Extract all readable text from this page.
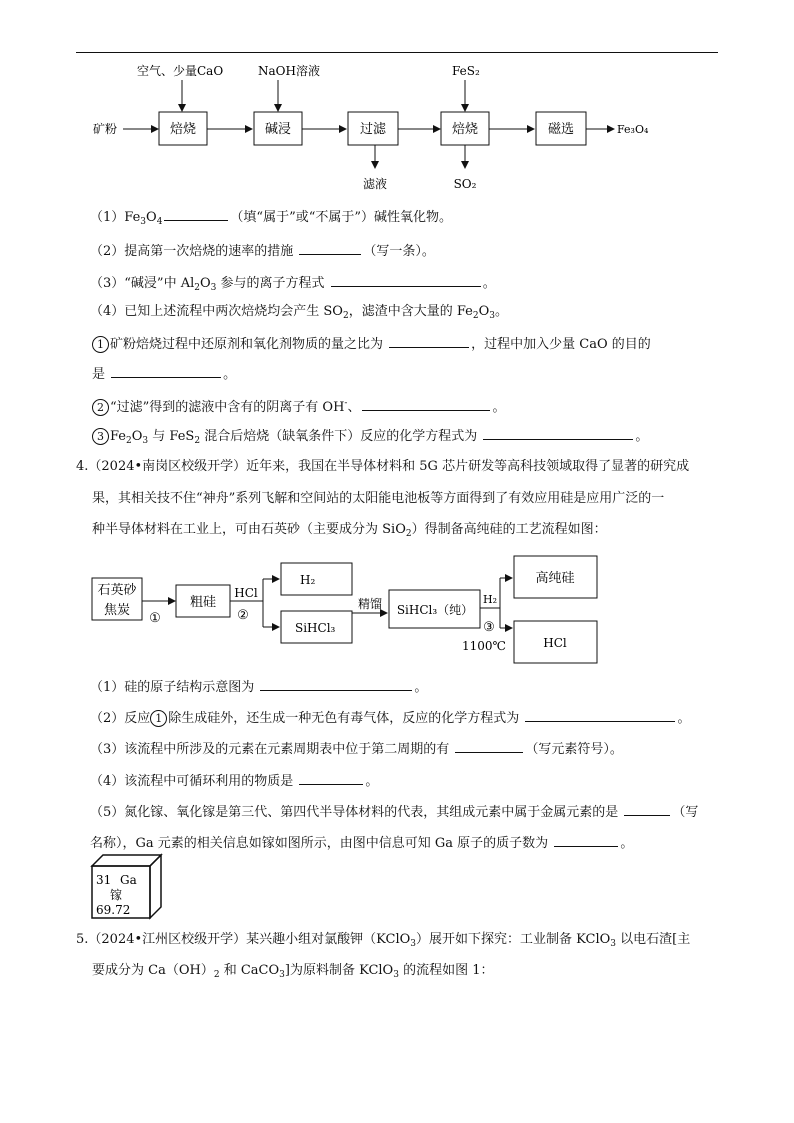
矿粉
空气、少量CaO
焙烧
NaOH溶液
碱浸	过滤
滤液
FeS₂
焙烧
SO₂
磁选	Fe₃O₄
$(1)Fe_3O_4$	（填“属于”或“不属于”）碱性氧化物。
（2）提高第一次焙烧的速率的措施	（写一条）。
（3）“碱浸”中 $Al_2O_3$ 参与的离子方程式	。
（4）已知上述流程中两次焙烧均会产生 $SO_2$，滤渣中含大量的 $Fe_2O_3$。
1 矿粉焙烧过程中还原剂和氧化剂物质的量之比为	，过程中加入少量 CaO 的目的
是	。
2 “过滤”得到的滤液中含有的阴离子有 OH-、	。
3 $Fe_2O_3$ 与 FeS$_2$ 混合后焙烧（缺氧条件下）反应的化学方程式为	。
4.（2024•南岗区校级开学）近年来，我国在半导体材料和 5G 芯片研发等高科技领域取得了显著的研究成
果，其相关技不住“神舟”系列飞解和空间站的太阳能电池板等方面得到了有效应用硅是应用广泛的一
种半导体材料在工业上，可由石英砂（主要成分为 SiO$_2$）得制备高纯硅的工艺流程如图：
石英砂
焦炭
①
粗硅
HCl
②
H₂
SiHCl₃
精馏 SiHCl₃（纯）
H₂
③
1100℃
高纯硅
HCl
（1）硅的原子结构示意图为	。
（2）反应 1 除生成硅外，还生成一种无色有毒气体，反应的化学方程式为	。
（3）该流程中所涉及的元素在元素周期表中位于第二周期的有	（写元素符号）。
（4）该流程中可循环利用的物质是	。
（5）氮化镓、氧化镓是第三代、第四代半导体材料的代表，其组成元素中属于金属元素的是	（写
名称），Ga 元素的相关信息如镓如图所示，由图中信息可知 Ga 原子的质子数为	。
31 Ga
镓
69.72
5.（2024•江州区校级开学）某兴趣小组对氯酸钾（KClO$_3$）展开如下探究：工业制备 KClO$_3$ 以电石渣[主
要成分为 $Ca(OH)_2$ 和 CaCO$_3$]为原料制备 KClO$_3$ 的流程如图 1：
